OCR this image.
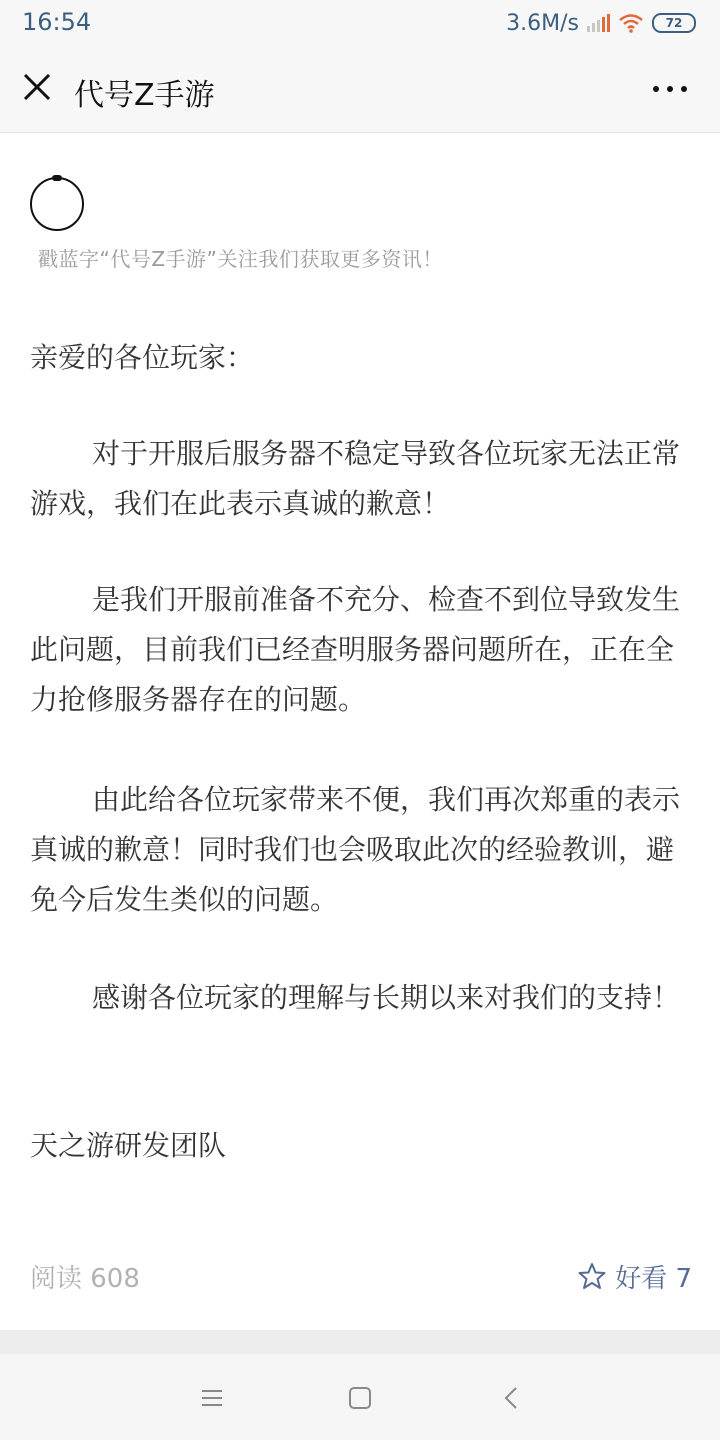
16:54	3.6M/s	72
代号Z手游
戳蓝字“代号Z手游”关注我们获取更多资讯！
亲爱的各位玩家：
对于开服后服务器不稳定导致各位玩家无法正常游戏，我们在此表示真诚的歉意！
是我们开服前准备不充分、检查不到位导致发生此问题，目前我们已经查明服务器问题所在，正在全力抢修服务器存在的问题。
由此给各位玩家带来不便，我们再次郑重的表示真诚的歉意！同时我们也会吸取此次的经验教训，避免今后发生类似的问题。
感谢各位玩家的理解与长期以来对我们的支持！
天之游研发团队
阅读 608	好看 7
